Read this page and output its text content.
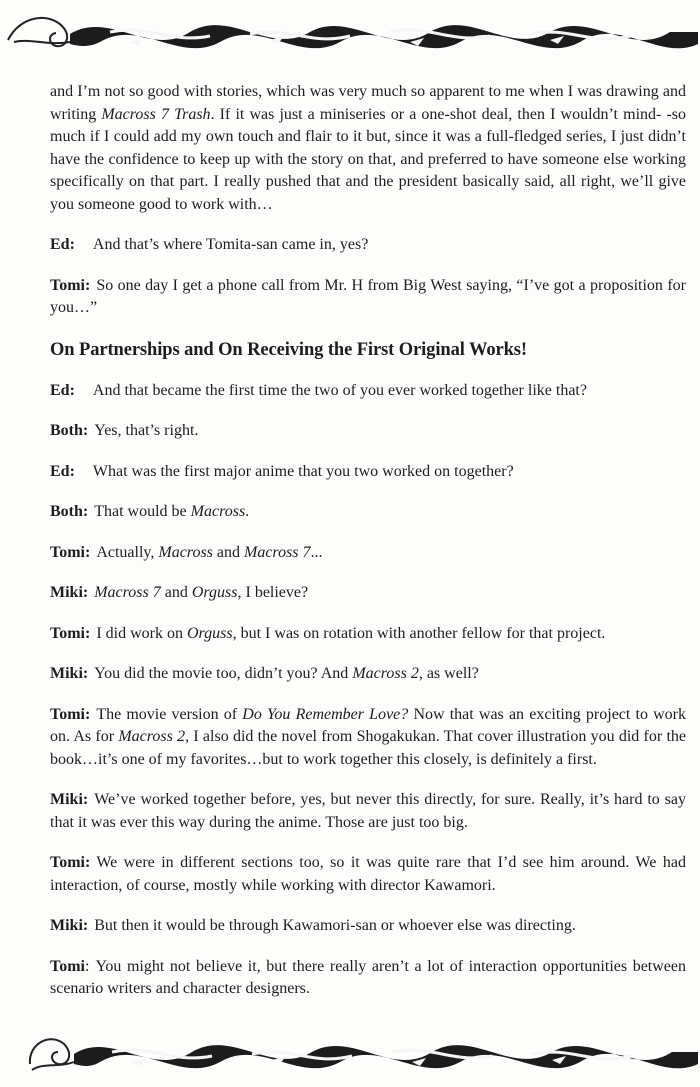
and I’m not so good with stories, which was very much so apparent to me when I was drawing and writing Macross 7 Trash. If it was just a miniseries or a one-shot deal, then I wouldn’t mind- -so much if I could add my own touch and flair to it but, since it was a full-fledged series, I just didn’t have the confidence to keep up with the story on that, and preferred to have someone else working specifically on that part. I really pushed that and the president basically said, all right, we’ll give you someone good to work with…

Ed: And that’s where Tomita-san came in, yes?

Tomi: So one day I get a phone call from Mr. H from Big West saying, “I’ve got a proposition for you…”

On Partnerships and On Receiving the First Original Works!

Ed: And that became the first time the two of you ever worked together like that?

Both: Yes, that’s right.

Ed: What was the first major anime that you two worked on together?

Both: That would be Macross.

Tomi: Actually, Macross and Macross 7...

Miki: Macross 7 and Orguss, I believe?

Tomi: I did work on Orguss, but I was on rotation with another fellow for that project.

Miki: You did the movie too, didn’t you? And Macross 2, as well?

Tomi: The movie version of Do You Remember Love? Now that was an exciting project to work on. As for Macross 2, I also did the novel from Shogakukan. That cover illustration you did for the book…it’s one of my favorites…but to work together this closely, is definitely a first.

Miki: We’ve worked together before, yes, but never this directly, for sure. Really, it’s hard to say that it was ever this way during the anime. Those are just too big.

Tomi: We were in different sections too, so it was quite rare that I’d see him around. We had interaction, of course, mostly while working with director Kawamori.

Miki: But then it would be through Kawamori-san or whoever else was directing.

Tomi: You might not believe it, but there really aren’t a lot of interaction opportunities between scenario writers and character designers.
